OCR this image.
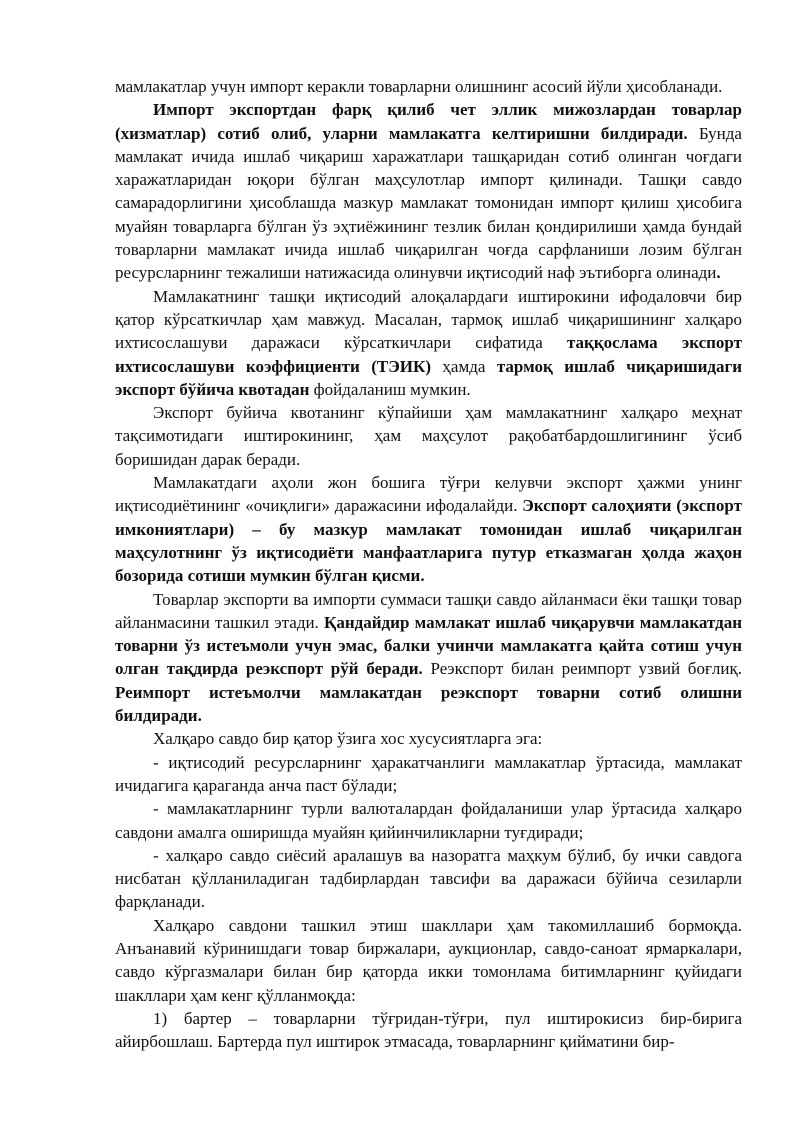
мамлакатлар учун импорт керакли товарларни олишнинг асосий йўли ҳисобланади.

Импорт экспортдан фарқ қилиб чет эллик мижозлардан товарлар (хизматлар) сотиб олиб, уларни мамлакатга келтиришни билдиради. Бунда мамлакат ичида ишлаб чиқариш харажатлари ташқаридан сотиб олинган чоғдаги харажатларидан юқори бўлган маҳсулотлар импорт қилинади. Ташқи савдо самарадорлигини ҳисоблашда мазкур мамлакат томонидан импорт қилиш ҳисобига муайян товарларга бўлган ўз эҳтиёжининг тезлик билан қондирилиши ҳамда бундай товарларни мамлакат ичида ишлаб чиқарилган чоғда сарфланиши лозим бўлган ресурсларнинг тежалиши натижасида олинувчи иқтисодий наф эътиборга олинади.

Мамлакатнинг ташқи иқтисодий алоқалардаги иштирокини ифодаловчи бир қатор кўрсаткичлар ҳам мавжуд. Масалан, тармоқ ишлаб чиқаришининг халқаро ихтисослашуви даражаси кўрсаткичлари сифатида таққослама экспорт ихтисослашуви коэффициенти (ТЭИК) ҳамда тармоқ ишлаб чиқаришидаги экспорт бўйича квотадан фойдаланиш мумкин.

Экспорт буйича квотанинг кўпайиши ҳам мамлакатнинг халқаро меҳнат тақсимотидаги иштирокининг, ҳам маҳсулот рақобатбардошлигининг ўсиб боришидан дарак беради.

Мамлакатдаги аҳоли жон бошига тўғри келувчи экспорт ҳажми унинг иқтисодиётининг «очиқлиги» даражасини ифодалайди. Экспорт салоҳияти (экспорт имкониятлари) – бу мазкур мамлакат томонидан ишлаб чиқарилган маҳсулотнинг ўз иқтисодиёти манфаатларига путур етказмаган ҳолда жаҳон бозорида сотиши мумкин бўлган қисми.

Товарлар экспорти ва импорти суммаси ташқи савдо айланмаси ёки ташқи товар айланмасини ташкил этади. Қандайдир мамлакат ишлаб чиқарувчи мамлакатдан товарни ўз истеъмоли учун эмас, балки учинчи мамлакатга қайта сотиш учун олган тақдирда реэкспорт рўй беради. Реэкспорт билан реимпорт узвий боғлиқ. Реимпорт истеъмолчи мамлакатдан реэкспорт товарни сотиб олишни билдиради.

Халқаро савдо бир қатор ўзига хос хусусиятларга эга:

- иқтисодий ресурсларнинг ҳаракатчанлиги мамлакатлар ўртасида, мамлакат ичидагига қараганда анча паст бўлади;

- мамлакатларнинг турли валюталардан фойдаланиши улар ўртасида халқаро савдони амалга оширишда муайян қийинчиликларни туғдиради;

- халқаро савдо сиёсий аралашув ва назоратга маҳкум бўлиб, бу ички савдога нисбатан қўлланиладиган тадбирлардан тавсифи ва даражаси бўйича сезиларли фарқланади.

Халқаро савдони ташкил этиш шакллари ҳам такомиллашиб бормоқда. Анъанавий кўринишдаги товар биржалари, аукционлар, савдо-саноат ярмаркалари, савдо кўргазмалари билан бир қаторда икки томонлама битимларнинг қуйидаги шакллари ҳам кенг қўлланмоқда:

1) бартер – товарларни тўғридан-тўғри, пул иштирокисиз бир-бирига айирбошлаш. Бартерда пул иштирок этмасада, товарларнинг қийматини бир-
